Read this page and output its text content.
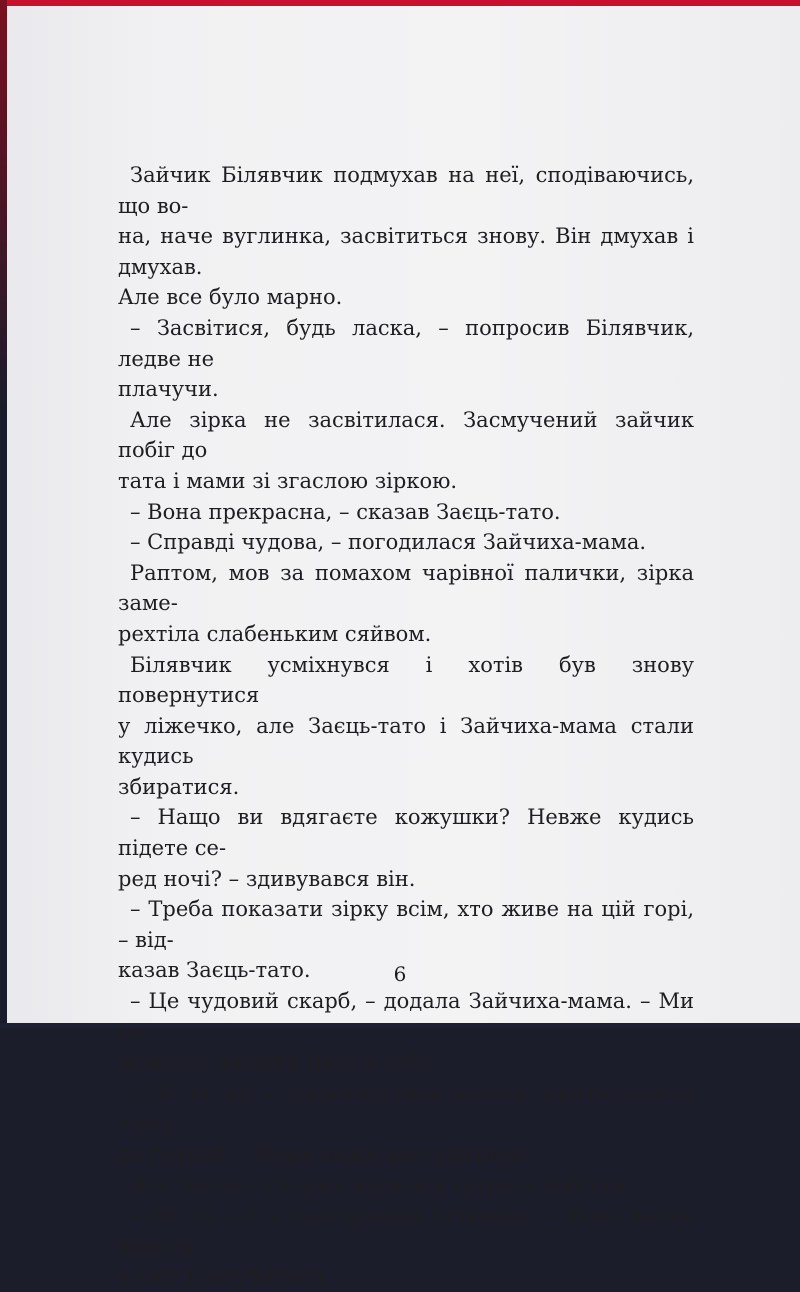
Зайчик Білявчик подмухав на неї, сподіваючись, що во-
на, наче вуглинка, засвітиться знову. Він дмухав і дмухав.
Але все було марно.

– Засвітися, будь ласка, – попросив Білявчик, ледве не
плачучи.

Але зірка не засвітилася. Засмучений зайчик побіг до
тата і мами зі згаслою зіркою.

– Вона прекрасна, – сказав Заєць-тато.

– Справді чудова, – погодилася Зайчиха-мама.

Раптом, мов за помахом чарівної палички, зірка заме-
рехтіла слабеньким сяйвом.

Білявчик усміхнувся і хотів був знову повернутися
у ліжечко, але Заєць-тато і Зайчиха-мама стали кудись
збиратися.

– Нащо ви вдягаєте кожушки? Невже кудись підете се-
ред ночі? – здивувався він.

– Треба показати зірку всім, хто живе на цій горі, – від-
казав Заєць-тато.

– Це чудовий скарб, – додала Зайчиха-мама. – Ми не
можемо лишити його в себе.

– Ні, ні, ні! – запротестував зайчик, притискаючи зірку
до грудей. – Вона може застудитися!

Але Заєць-тато уже взувся в хутряні чобітки.

– Ні, ні, ні! – повторював Білявчик. – Вона може впасти
в сніг і загубитися.

6
